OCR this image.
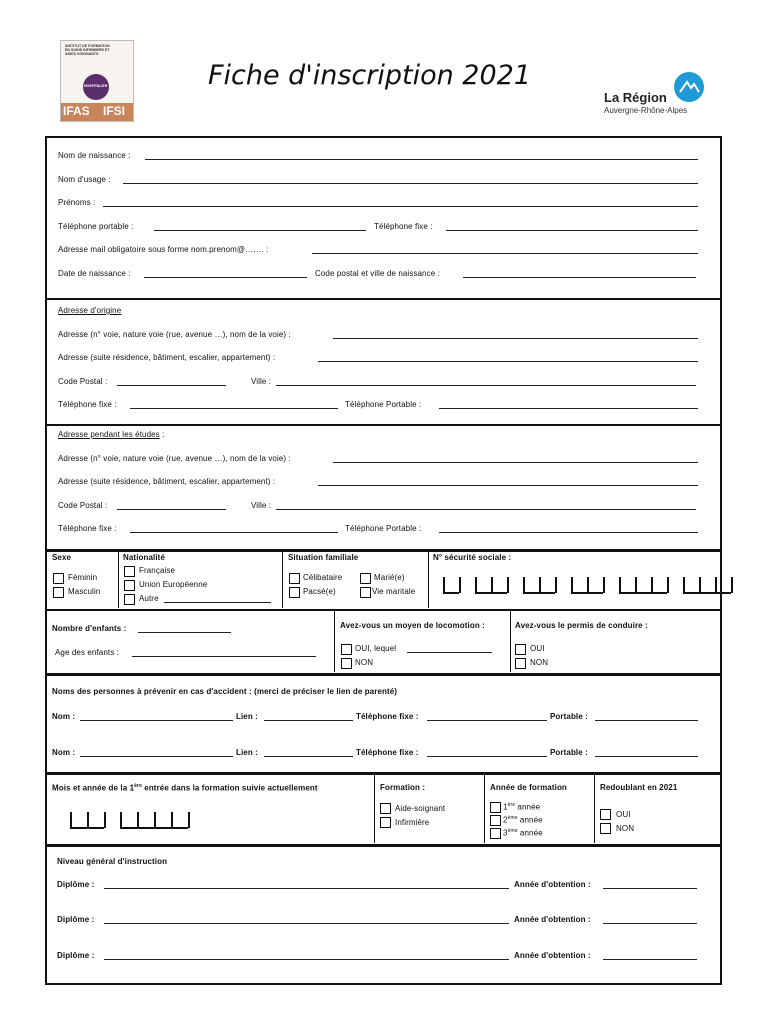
INSTITUT DE FORMATION
EN SOINS INFIRMIERS ET
AIDES SOIGNANTS
HOSPITALIER
IFAS IFSI
Fiche d'inscription 2021
La Région
Auvergne-Rhône-Alpes
Nom de naissance :
Nom d'usage :
Prénoms :
Téléphone portable :	Téléphone fixe :
Adresse mail obligatoire sous forme nom.prenom@……. :
Date de naissance :	Code postal et ville de naissance :
Adresse d'origine
Adresse (n° voie, nature voie (rue, avenue …), nom de la voie) :
Adresse (suite résidence, bâtiment, escalier, appartement) :
Code Postal :	Ville :
Téléphone fixe :	Téléphone Portable :
Adresse pendant les études :
Adresse (n° voie, nature voie (rue, avenue …), nom de la voie) :
Adresse (suite résidence, bâtiment, escalier, appartement) :
Code Postal :	Ville :
Téléphone fixe :	Téléphone Portable :
Sexe
Féminin
Masculin
Nationalité
Française
Union Européenne
Autre
Situation familiale
Célibataire	Marié(e)
Pacsé(e)	Vie maritale
N° sécurité sociale :
Nombre d'enfants :
Age des enfants :
Avez-vous un moyen de locomotion :
OUI, lequel
NON
Avez-vous le permis de conduire :
OUI
NON
Noms des personnes à prévenir en cas d'accident : (merci de préciser le lien de parenté)
Nom :	Lien :	Téléphone fixe :	Portable :
Nom :	Lien :	Téléphone fixe :	Portable :
Mois et année de la 1ère entrée dans la formation suivie actuellement	Formation :
Aide-soignant
Infirmière
Année de formation
1ère année
2ème année
3ème année
Redoublant en 2021
OUI
NON
Niveau général d'instruction
Diplôme :	Année d'obtention :
Diplôme :	Année d'obtention :
Diplôme :	Année d'obtention :
